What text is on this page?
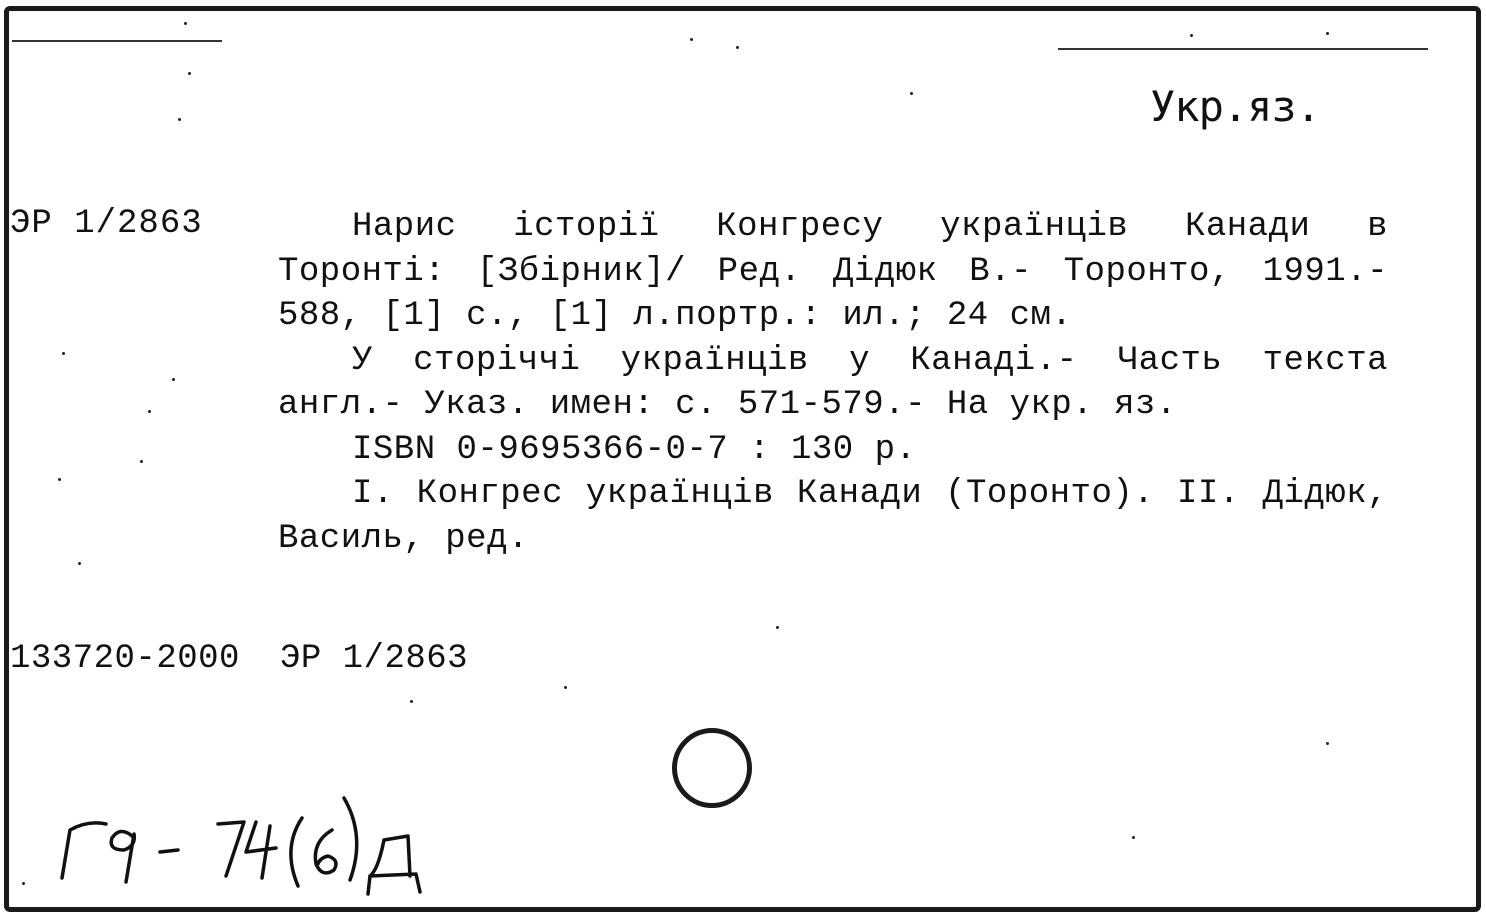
Укр.яз.
ЭР 1/2863	Нарис історії Конгресу українців Канади в Торонті: [Збірник]/ Ред. Дідюк В.- Торонто, 1991.- 588, [1] с., [1] л.портр.: ил.; 24 см.

У сторіччі українців у Канаді.- Часть текста англ.- Указ. имен: с. 571-579.- На укр. яз.

ISBN 0-9695366-0-7 : 130 р.

I. Конгрес українців Канади (Торонто). II. Дідюк, Василь, ред.

133720-2000 ЭР 1/2863
